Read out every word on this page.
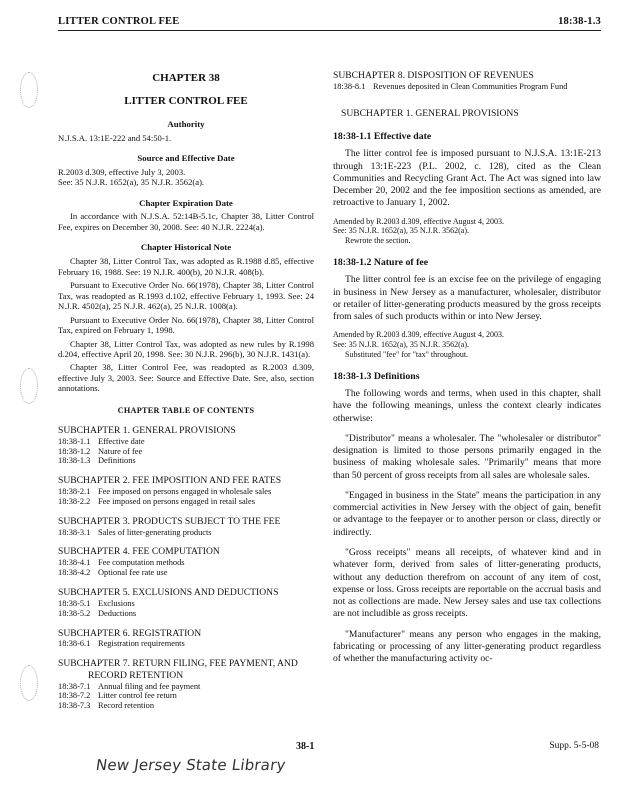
LITTER CONTROL FEE	18:38-1.3
CHAPTER 38
LITTER CONTROL FEE
Authority
N.J.S.A. 13:1E-222 and 54:50-1.
Source and Effective Date
R.2003 d.309, effective July 3, 2003.
See: 35 N.J.R. 1652(a), 35 N.J.R. 3562(a).
Chapter Expiration Date
In accordance with N.J.S.A. 52:14B-5.1c, Chapter 38, Litter Control Fee, expires on December 30, 2008. See: 40 N.J.R. 2224(a).
Chapter Historical Note
Chapter 38, Litter Control Tax, was adopted as R.1988 d.85, effective February 16, 1988. See: 19 N.J.R. 400(b), 20 N.J.R. 408(b).
Pursuant to Executive Order No. 66(1978), Chapter 38, Litter Control Tax, was readopted as R.1993 d.102, effective February 1, 1993. See: 24 N.J.R. 4502(a), 25 N.J.R. 462(a), 25 N.J.R. 1008(a).
Pursuant to Executive Order No. 66(1978), Chapter 38, Litter Control Tax, expired on February 1, 1998.
Chapter 38, Litter Control Tax, was adopted as new rules by R.1998 d.204, effective April 20, 1998. See: 30 N.J.R. 296(b), 30 N.J.R. 1431(a).
Chapter 38, Litter Control Fee, was readopted as R.2003 d.309, effective July 3, 2003. See: Source and Effective Date. See, also, section annotations.
CHAPTER TABLE OF CONTENTS
SUBCHAPTER 1. GENERAL PROVISIONS
18:38-1.1 Effective date
18:38-1.2 Nature of fee
18:38-1.3 Definitions
SUBCHAPTER 2. FEE IMPOSITION AND FEE RATES
18:38-2.1 Fee imposed on persons engaged in wholesale sales
18:38-2.2 Fee imposed on persons engaged in retail sales
SUBCHAPTER 3. PRODUCTS SUBJECT TO THE FEE
18:38-3.1 Sales of litter-generating products
SUBCHAPTER 4. FEE COMPUTATION
18:38-4.1 Fee computation methods
18:38-4.2 Optional fee rate use
SUBCHAPTER 5. EXCLUSIONS AND DEDUCTIONS
18:38-5.1 Exclusions
18:38-5.2 Deductions
SUBCHAPTER 6. REGISTRATION
18:38-6.1 Registration requirements
SUBCHAPTER 7. RETURN FILING, FEE PAYMENT, AND
RECORD RETENTION
18:38-7.1 Annual filing and fee payment
18:38-7.2 Litter control fee return
18:38-7.3 Record retention
SUBCHAPTER 8. DISPOSITION OF REVENUES
18:38-8.1 Revenues deposited in Clean Communities Program Fund
SUBCHAPTER 1. GENERAL PROVISIONS
18:38-1.1 Effective date
The litter control fee is imposed pursuant to N.J.S.A. 13:1E-213 through 13:1E-223 (P.L. 2002, c. 128), cited as the Clean Communities and Recycling Grant Act. The Act was signed into law December 20, 2002 and the fee imposition sections as amended, are retroactive to January 1, 2002.
Amended by R.2003 d.309, effective August 4, 2003.
See: 35 N.J.R. 1652(a), 35 N.J.R. 3562(a).
Rewrote the section.
18:38-1.2 Nature of fee
The litter control fee is an excise fee on the privilege of engaging in business in New Jersey as a manufacturer, wholesaler, distributor or retailer of litter-generating products measured by the gross receipts from sales of such products within or into New Jersey.
Amended by R.2003 d.309, effective August 4, 2003.
See: 35 N.J.R. 1652(a), 35 N.J.R. 3562(a).
Substituted "fee" for "tax" throughout.
18:38-1.3 Definitions
The following words and terms, when used in this chapter, shall have the following meanings, unless the context clearly indicates otherwise:
"Distributor" means a wholesaler. The "wholesaler or distributor" designation is limited to those persons primarily engaged in the business of making wholesale sales. "Primarily" means that more than 50 percent of gross receipts from all sales are wholesale sales.
"Engaged in business in the State" means the participation in any commercial activities in New Jersey with the object of gain, benefit or advantage to the feepayer or to another person or class, directly or indirectly.
"Gross receipts" means all receipts, of whatever kind and in whatever form, derived from sales of litter-generating products, without any deduction therefrom on account of any item of cost, expense or loss. Gross receipts are reportable on the accrual basis and not as collections are made. New Jersey sales and use tax collections are not includible as gross receipts.
"Manufacturer" means any person who engages in the making, fabricating or processing of any litter-generating product regardless of whether the manufacturing activity oc-
38-1	Supp. 5-5-08
New Jersey State Library
